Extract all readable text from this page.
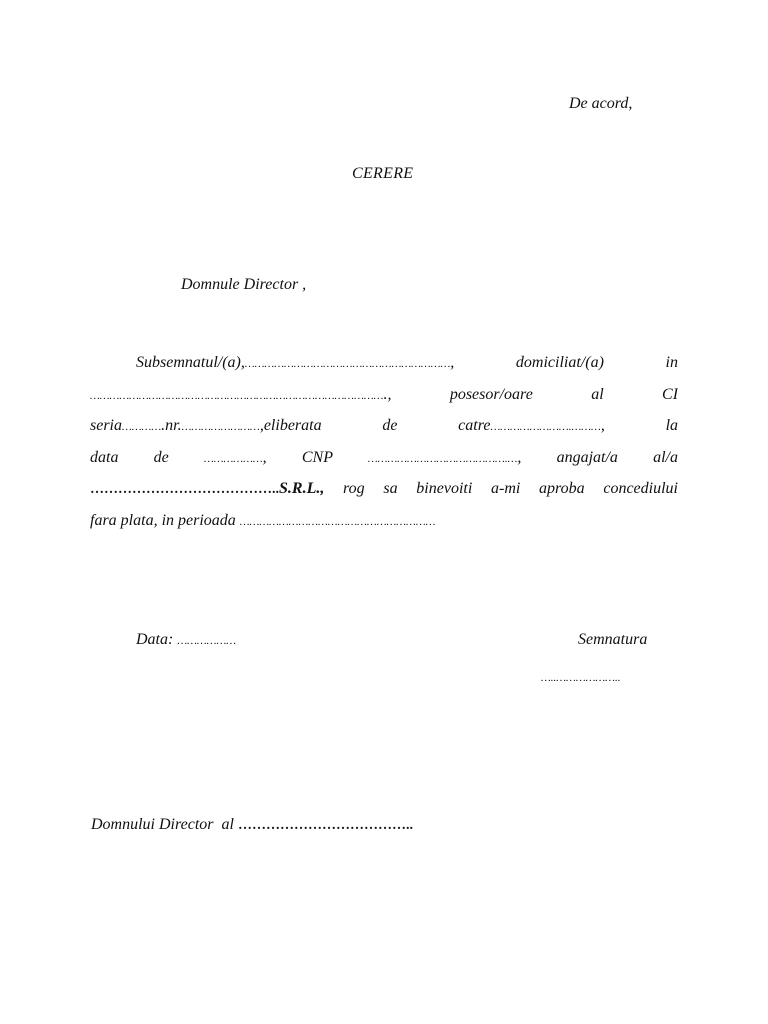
De acord,
CERERE
Domnule Director ,
Subsemnatul/(a),………………………………………………………,	domiciliat/(a)	in
……………………………………………………………………………….,	posesor/oare	al	CI
seria………….nr.……………………,eliberata de catre…………………….………,	la
data de	………………, CNP	…………………………………….…, angajat/a al/a
…………………………………..S.R.L., rog sa binevoiti a-mi aproba concediului
fara plata, in perioada ……………………………………………………
Data: ………………	Semnatura
…..………………..
Domnului Director  al ………………………………..
